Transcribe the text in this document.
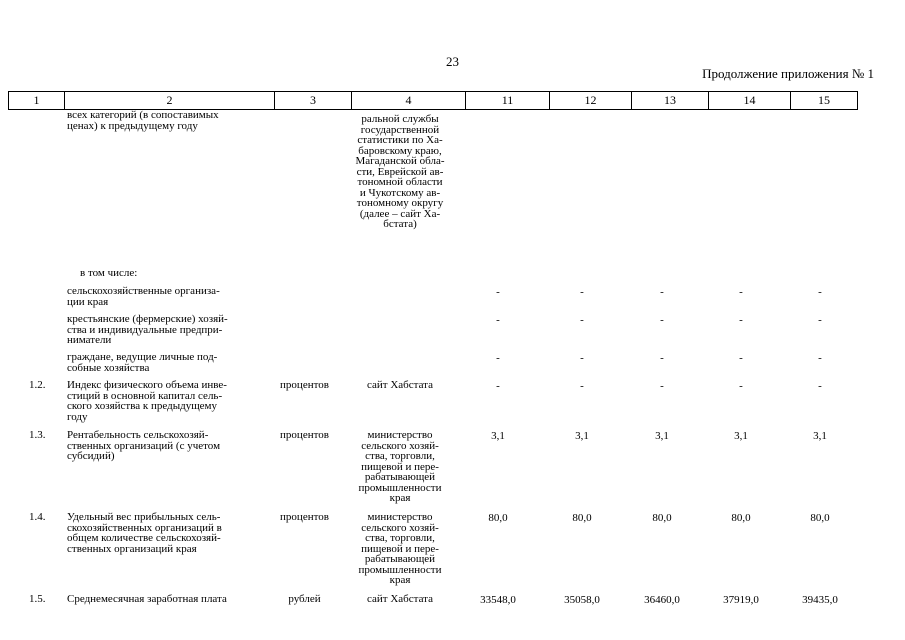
23
Продолжение приложения № 1
1	2	3	4	11	12	13	14	15
всех категорий (в сопоставимых
ценах) к предыдущему году
ральной службы
государственной
статистики по Ха-
баровскому краю,
Магаданской обла-
сти, Еврейской ав-
тономной области
и Чукотскому ав-
тономному округу
(далее – сайт Ха-
бстата)
в том числе:
сельскохозяйственные организа-
ции края
-	-	-	-	-
крестьянские (фермерские) хозяй-
ства и индивидуальные предпри-
ниматели
-	-	-	-	-
граждане, ведущие личные под-
собные хозяйства
-	-	-	-	-
1.2. Индекс физического объема инве-
стиций в основной капитал сель-
ского хозяйства к предыдущему
году
процентов	сайт Хабстата	-	-	-	-	-
1.3. Рентабельность сельскохозяй-
ственных организаций (с учетом
субсидий)
процентов	министерство
сельского хозяй-
ства, торговли,
пищевой и пере-
рабатывающей
промышленности
края
3,1	3,1	3,1	3,1	3,1
1.4. Удельный вес прибыльных сель-
скохозяйственных организаций в
общем количестве сельскохозяй-
ственных организаций края
процентов	министерство
сельского хозяй-
ства, торговли,
пищевой и пере-
рабатывающей
промышленности
края
80,0	80,0	80,0	80,0	80,0
1.5. Среднемесячная заработная плата	рублей	сайт Хабстата	33548,0	35058,0	36460,0	37919,0	39435,0
